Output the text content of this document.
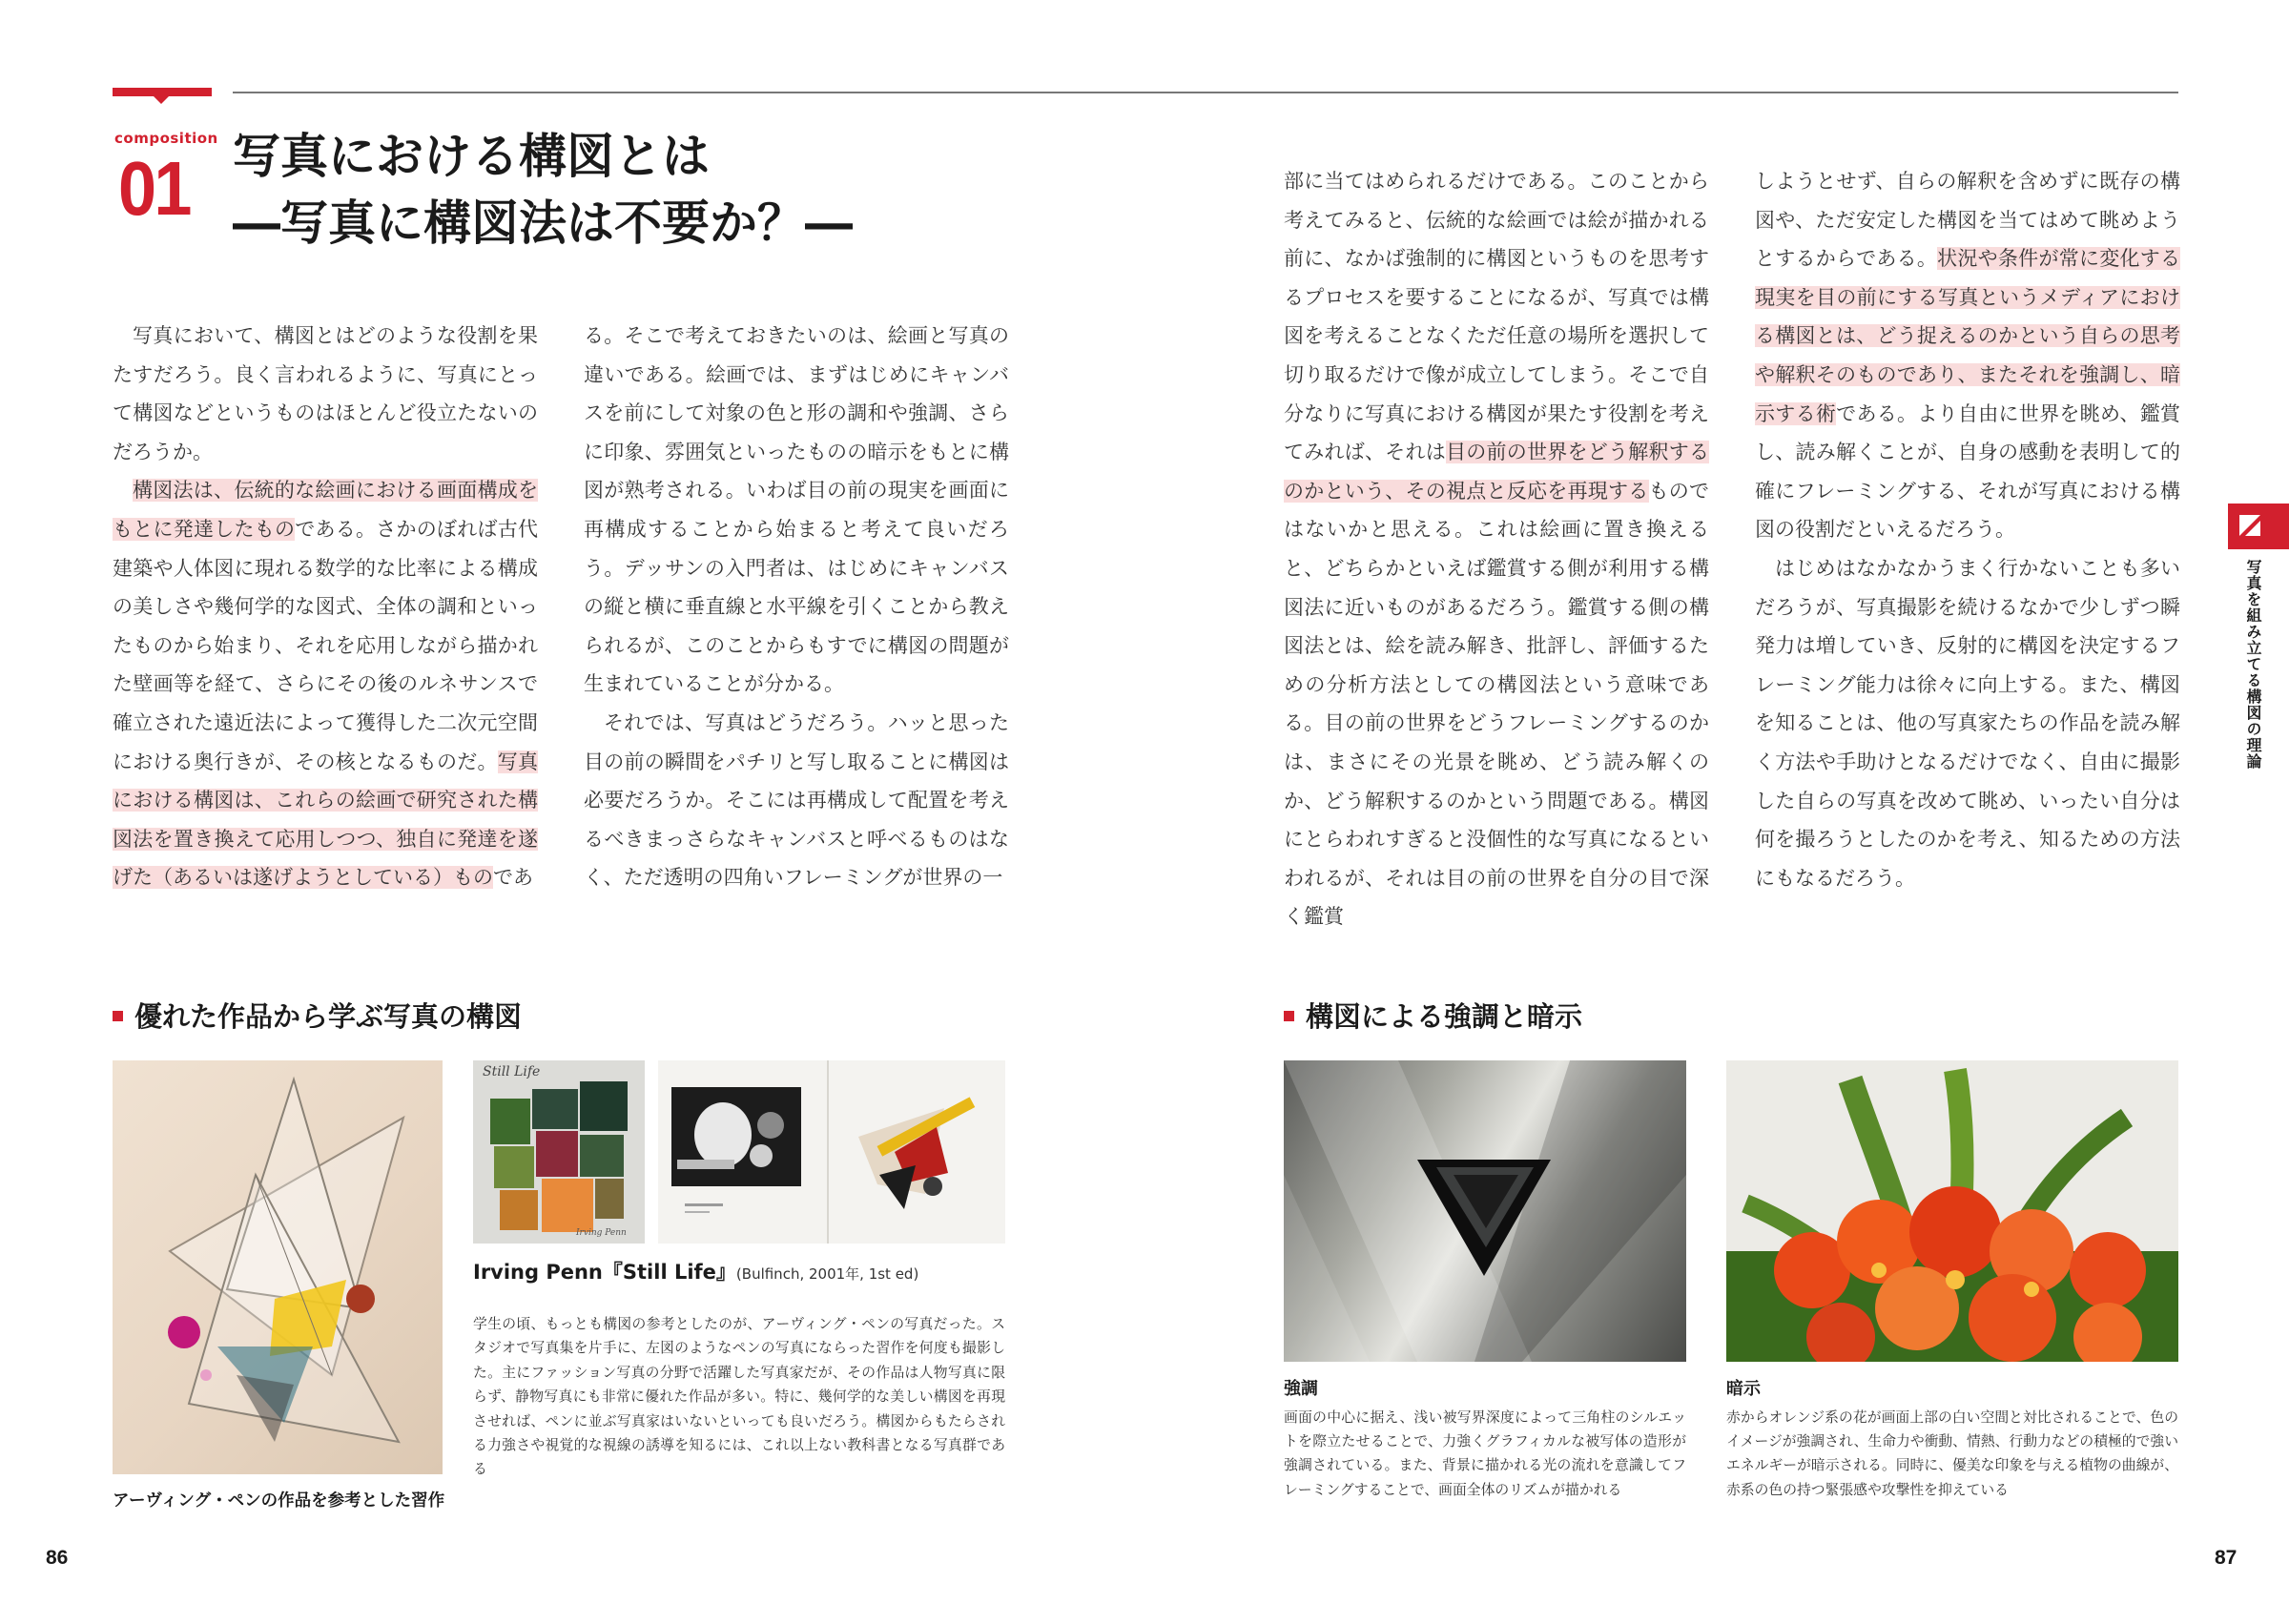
composition
01 写真における構図とは
―写真に構図法は不要か？―

写真において、構図とはどのような役割を果たすだろう。良く言われるように、写真にとって構図などというものはほとんど役立たないのだろうか。

構図法は、伝統的な絵画における画面構成をもとに発達したものである。さかのぼれば古代建築や人体図に現れる数学的な比率による構成の美しさや幾何学的な図式、全体の調和といったものから始まり、それを応用しながら描かれた壁画等を経て、さらにその後のルネサンスで確立された遠近法によって獲得した二次元空間における奥行きが、その核となるものだ。写真における構図は、これらの絵画で研究された構図法を置き換えて応用しつつ、独自に発達を遂げた（あるいは遂げようとしている）ものであ

る。そこで考えておきたいのは、絵画と写真の違いである。絵画では、まずはじめにキャンバスを前にして対象の色と形の調和や強調、さらに印象、雰囲気といったものの暗示をもとに構図が熟考される。いわば目の前の現実を画面に再構成することから始まると考えて良いだろう。デッサンの入門者は、はじめにキャンバスの縦と横に垂直線と水平線を引くことから教えられるが、このことからもすでに構図の問題が生まれていることが分かる。

それでは、写真はどうだろう。ハッと思った目の前の瞬間をパチリと写し取ることに構図は必要だろうか。そこには再構成して配置を考えるべきまっさらなキャンバスと呼べるものはなく、ただ透明の四角いフレーミングが世界の一

部に当てはめられるだけである。このことから考えてみると、伝統的な絵画では絵が描かれる前に、なかば強制的に構図というものを思考するプロセスを要することになるが、写真では構図を考えることなくただ任意の場所を選択して切り取るだけで像が成立してしまう。そこで自分なりに写真における構図が果たす役割を考えてみれば、それは目の前の世界をどう解釈するのかという、その視点と反応を再現するものではないかと思える。これは絵画に置き換えると、どちらかといえば鑑賞する側が利用する構図法に近いものがあるだろう。鑑賞する側の構図法とは、絵を読み解き、批評し、評価するための分析方法としての構図法という意味である。目の前の世界をどうフレーミングするのかは、まさにその光景を眺め、どう読み解くのか、どう解釈するのかという問題である。構図にとらわれすぎると没個性的な写真になるといわれるが、それは目の前の世界を自分の目で深く鑑賞

しようとせず、自らの解釈を含めずに既存の構図や、ただ安定した構図を当てはめて眺めようとするからである。状況や条件が常に変化する現実を目の前にする写真というメディアにおける構図とは、どう捉えるのかという自らの思考や解釈そのものであり、またそれを強調し、暗示する術である。より自由に世界を眺め、鑑賞し、読み解くことが、自身の感動を表明して的確にフレーミングする、それが写真における構図の役割だといえるだろう。

はじめはなかなかうまく行かないことも多いだろうが、写真撮影を続けるなかで少しずつ瞬発力は増していき、反射的に構図を決定するフレーミング能力は徐々に向上する。また、構図を知ることは、他の写真家たちの作品を読み解く方法や手助けとなるだけでなく、自由に撮影した自らの写真を改めて眺め、いったい自分は何を撮ろうとしたのかを考え、知るための方法にもなるだろう。

優れた作品から学ぶ写真の構図	構図による強調と暗示
Still Life
Irving Penn
Irving Penn『Still Life』(Bulfinch, 2001年, 1st ed)
学生の頃、もっとも構図の参考としたのが、アーヴィング・ペンの写真だった。スタジオで写真集を片手に、左図のようなペンの写真にならった習作を何度も撮影した。主にファッション写真の分野で活躍した写真家だが、その作品は人物写真に限らず、静物写真にも非常に優れた作品が多い。特に、幾何学的な美しい構図を再現させれば、ペンに並ぶ写真家はいないといっても良いだろう。構図からもたらされる力強さや視覚的な視線の誘導を知るには、これ以上ない教科書となる写真群である
アーヴィング・ペンの作品を参考とした習作
強調
画面の中心に据え、浅い被写界深度によって三角柱のシルエットを際立たせることで、力強くグラフィカルな被写体の造形が強調されている。また、背景に描かれる光の流れを意識してフレーミングすることで、画面全体のリズムが描かれる
暗示
赤からオレンジ系の花が画面上部の白い空間と対比されることで、色のイメージが強調され、生命力や衝動、情熱、行動力などの積極的で強いエネルギーが暗示される。同時に、優美な印象を与える植物の曲線が、赤系の色の持つ緊張感や攻撃性を抑えている
写真を組み立てる構図の理論
86	87
